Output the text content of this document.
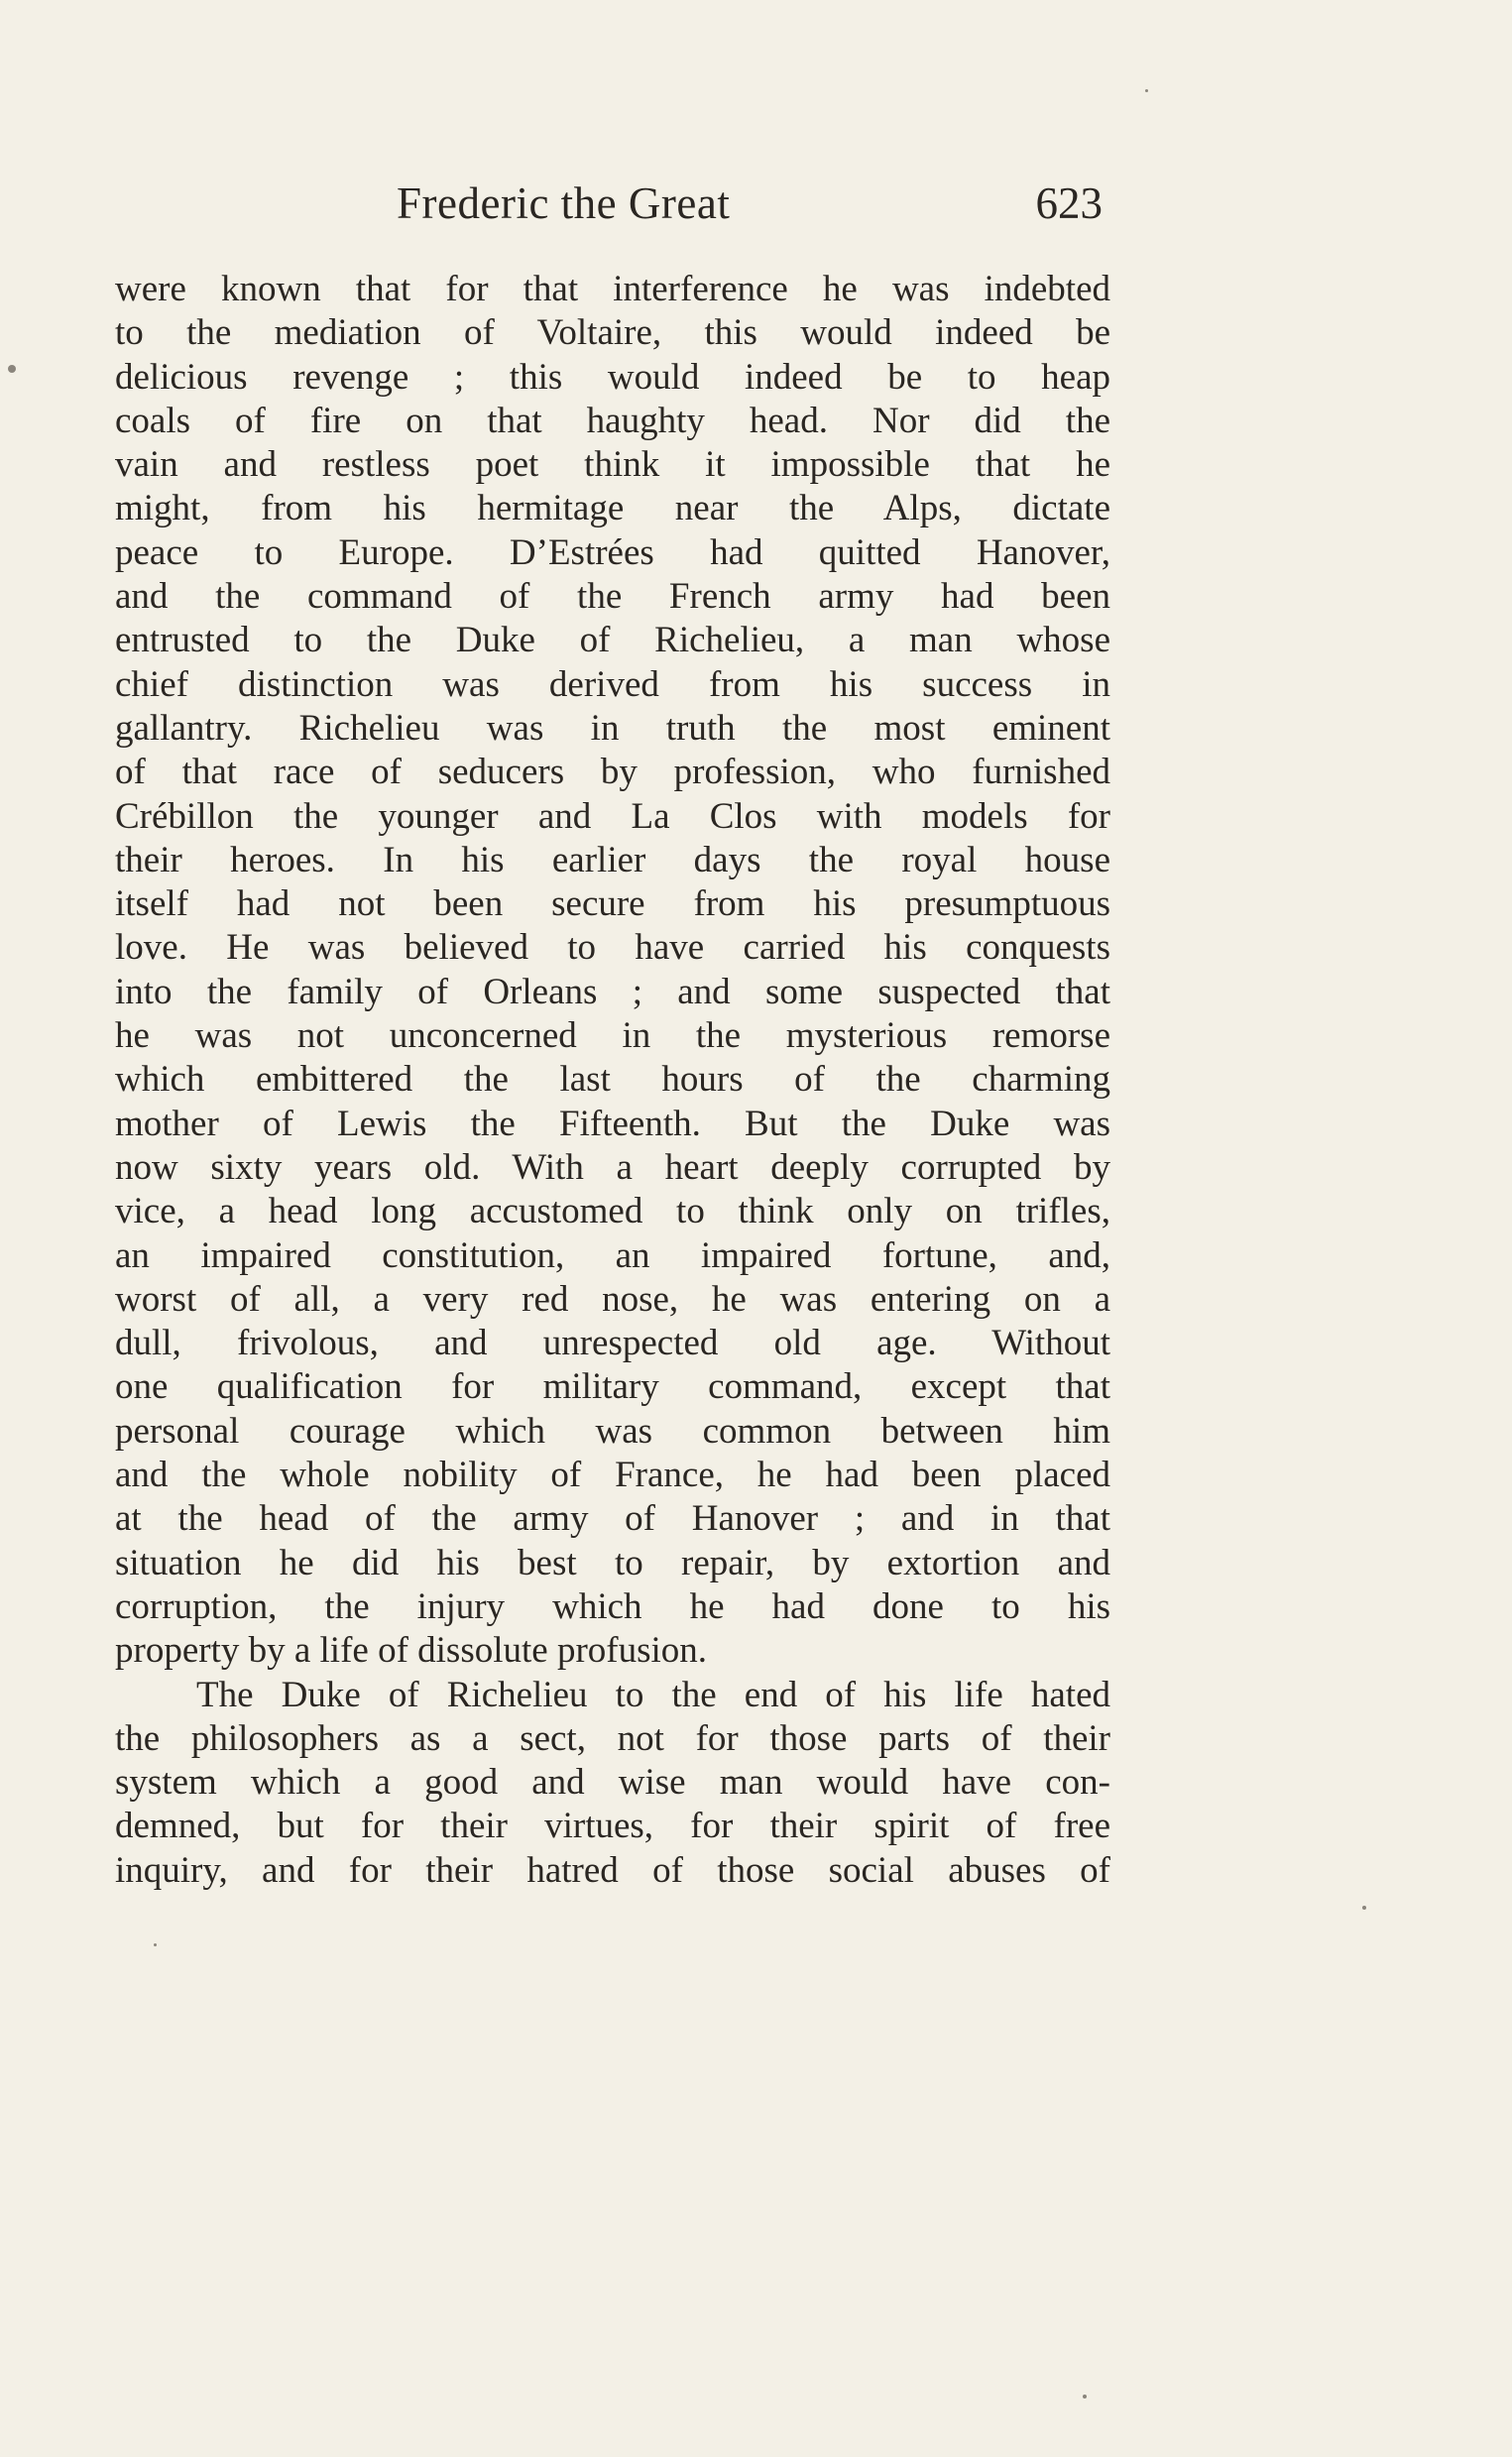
Frederic the Great	623
were known that for that interference he was indebted
to the mediation of Voltaire, this would indeed be
delicious revenge ; this would indeed be to heap
coals of fire on that haughty head. Nor did the
vain and restless poet think it impossible that he
might, from his hermitage near the Alps, dictate
peace to Europe. D’Estrées had quitted Hanover,
and the command of the French army had been
entrusted to the Duke of Richelieu, a man whose
chief distinction was derived from his success in
gallantry. Richelieu was in truth the most eminent
of that race of seducers by profession, who furnished
Crébillon the younger and La Clos with models for
their heroes. In his earlier days the royal house
itself had not been secure from his presumptuous
love. He was believed to have carried his conquests
into the family of Orleans ; and some suspected that
he was not unconcerned in the mysterious remorse
which embittered the last hours of the charming
mother of Lewis the Fifteenth. But the Duke was
now sixty years old. With a heart deeply corrupted by
vice, a head long accustomed to think only on trifles,
an impaired constitution, an impaired fortune, and,
worst of all, a very red nose, he was entering on a
dull, frivolous, and unrespected old age. Without
one qualification for military command, except that
personal courage which was common between him
and the whole nobility of France, he had been placed
at the head of the army of Hanover ; and in that
situation he did his best to repair, by extortion and
corruption, the injury which he had done to his
property by a life of dissolute profusion.
The Duke of Richelieu to the end of his life hated
the philosophers as a sect, not for those parts of their
system which a good and wise man would have con-
demned, but for their virtues, for their spirit of free
inquiry, and for their hatred of those social abuses of
